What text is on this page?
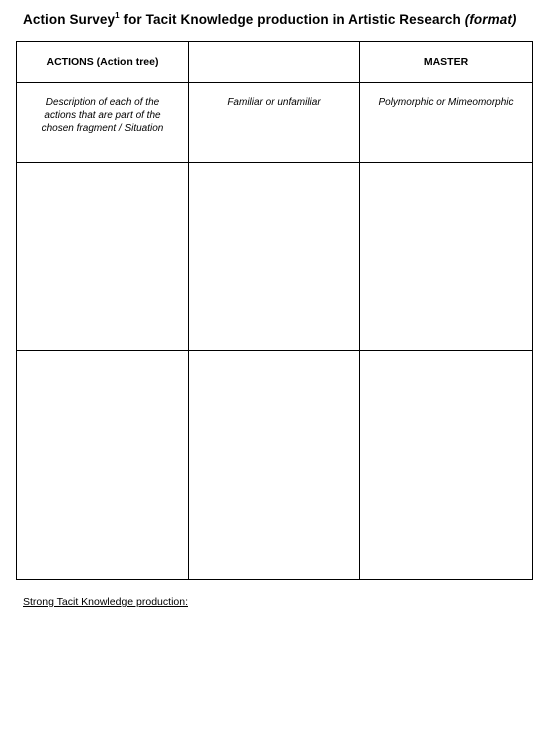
Action Survey$^1$ for Tacit Knowledge production in Artistic Research (format)
ACTIONS (Action tree)		MASTER

Description of each of the actions that are part of the chosen fragment / Situation	Familiar or unfamiliar	Polymorphic or Mimeomorphic

Strong Tacit Knowledge production:
